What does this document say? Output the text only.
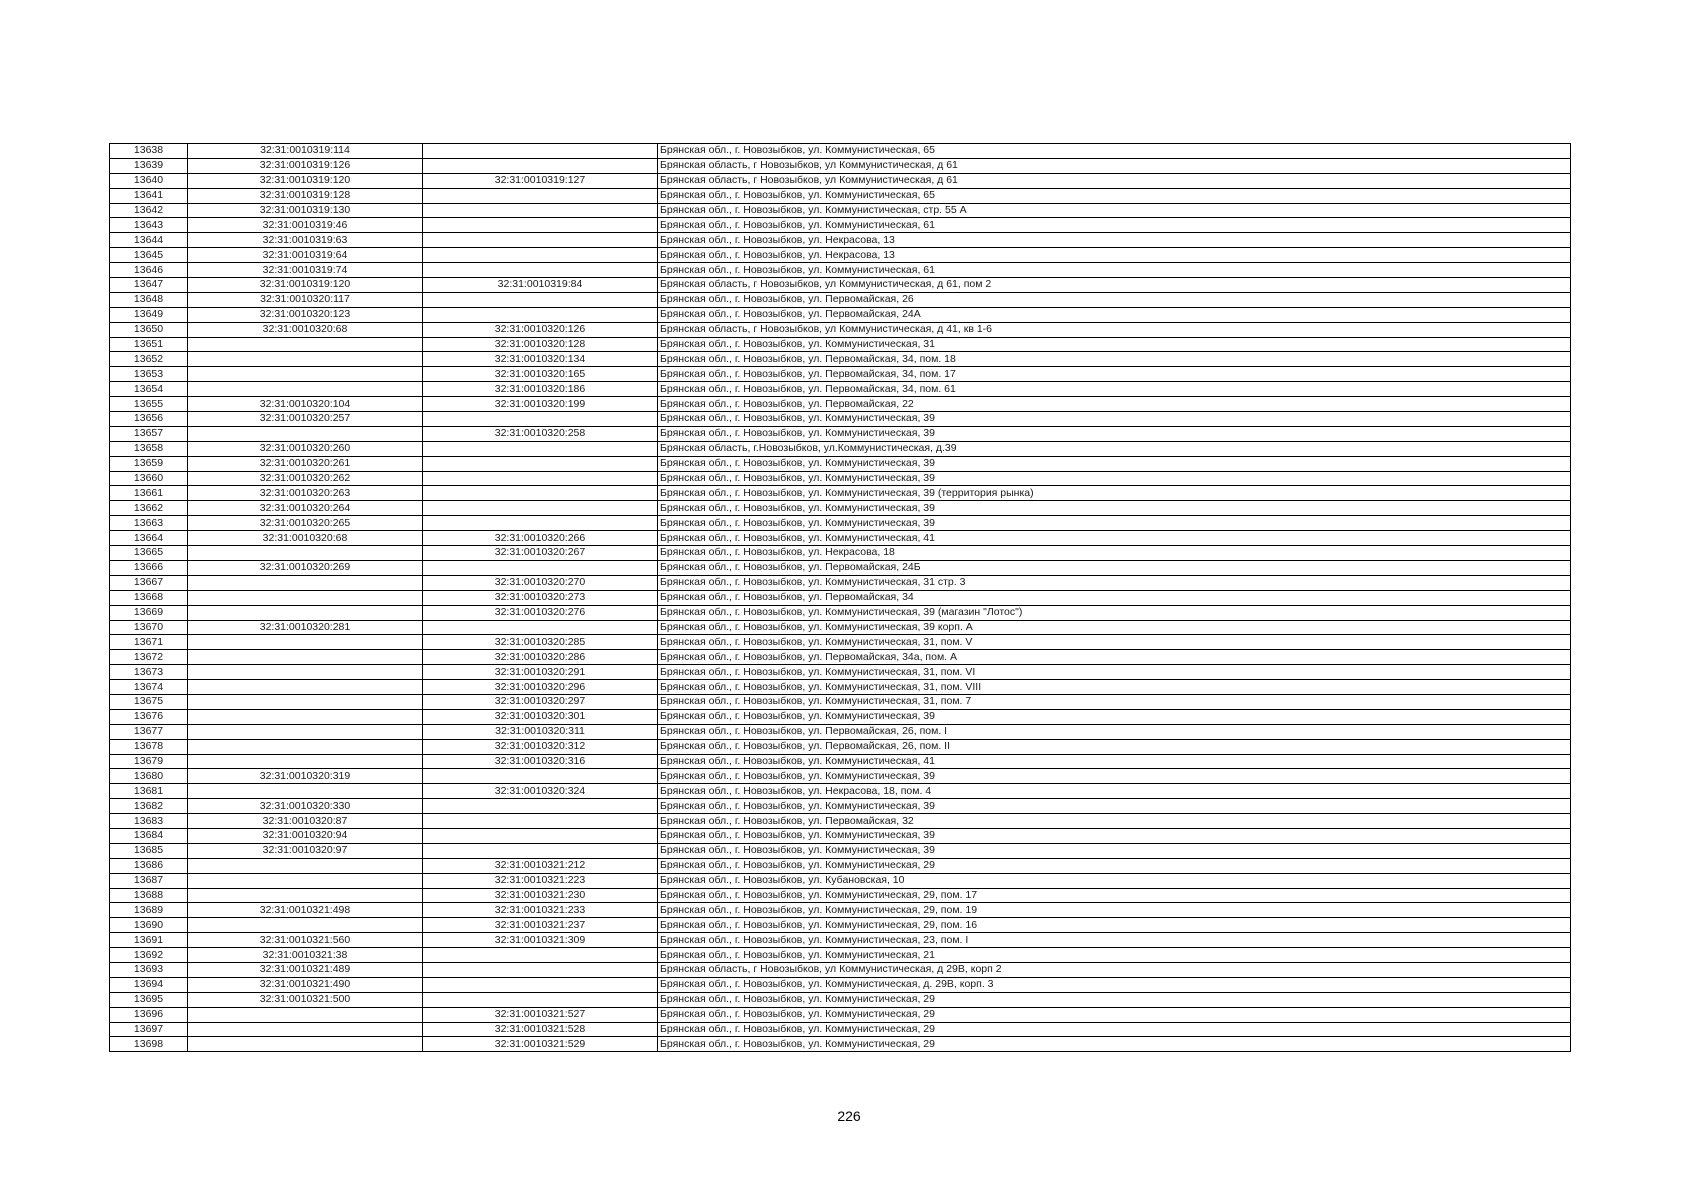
13638	32:31:0010319:114		Брянская обл., г. Новозыбков, ул. Коммунистическая, 65
13639	32:31:0010319:126		Брянская область, г Новозыбков, ул Коммунистическая, д 61
13640	32:31:0010319:120	32:31:0010319:127	Брянская область, г Новозыбков, ул Коммунистическая, д 61
13641	32:31:0010319:128		Брянская обл., г. Новозыбков, ул. Коммунистическая, 65
13642	32:31:0010319:130		Брянская обл., г. Новозыбков, ул. Коммунистическая, стр. 55 А
13643	32:31:0010319:46		Брянская обл., г. Новозыбков, ул. Коммунистическая, 61
13644	32:31:0010319:63		Брянская обл., г. Новозыбков, ул. Некрасова, 13
13645	32:31:0010319:64		Брянская обл., г. Новозыбков, ул. Некрасова, 13
13646	32:31:0010319:74		Брянская обл., г. Новозыбков, ул. Коммунистическая, 61
13647	32:31:0010319:120	32:31:0010319:84	Брянская область, г Новозыбков, ул Коммунистическая, д 61, пом 2
13648	32:31:0010320:117		Брянская обл., г. Новозыбков, ул. Первомайская, 26
13649	32:31:0010320:123		Брянская обл., г. Новозыбков, ул. Первомайская, 24А
13650	32:31:0010320:68	32:31:0010320:126	Брянская область, г Новозыбков, ул Коммунистическая, д 41, кв 1-6
13651		32:31:0010320:128	Брянская обл., г. Новозыбков, ул. Коммунистическая, 31
13652		32:31:0010320:134	Брянская обл., г. Новозыбков, ул. Первомайская, 34, пом. 18
13653		32:31:0010320:165	Брянская обл., г. Новозыбков, ул. Первомайская, 34, пом. 17
13654		32:31:0010320:186	Брянская обл., г. Новозыбков, ул. Первомайская, 34, пом. 61
13655	32:31:0010320:104	32:31:0010320:199	Брянская обл., г. Новозыбков, ул. Первомайская, 22
13656	32:31:0010320:257		Брянская обл., г. Новозыбков, ул. Коммунистическая, 39
13657		32:31:0010320:258	Брянская обл., г. Новозыбков, ул. Коммунистическая, 39
13658	32:31:0010320:260		Брянская область, г.Новозыбков, ул.Коммунистическая, д.39
13659	32:31:0010320:261		Брянская обл., г. Новозыбков, ул. Коммунистическая, 39
13660	32:31:0010320:262		Брянская обл., г. Новозыбков, ул. Коммунистическая, 39
13661	32:31:0010320:263		Брянская обл., г. Новозыбков, ул. Коммунистическая, 39 (территория рынка)
13662	32:31:0010320:264		Брянская обл., г. Новозыбков, ул. Коммунистическая, 39
13663	32:31:0010320:265		Брянская обл., г. Новозыбков, ул. Коммунистическая, 39
13664	32:31:0010320:68	32:31:0010320:266	Брянская обл., г. Новозыбков, ул. Коммунистическая, 41
13665		32:31:0010320:267	Брянская обл., г. Новозыбков, ул. Некрасова, 18
13666	32:31:0010320:269		Брянская обл., г. Новозыбков, ул. Первомайская, 24Б
13667		32:31:0010320:270	Брянская обл., г. Новозыбков, ул. Коммунистическая, 31 стр. 3
13668		32:31:0010320:273	Брянская обл., г. Новозыбков, ул. Первомайская, 34
13669		32:31:0010320:276	Брянская обл., г. Новозыбков, ул. Коммунистическая, 39 (магазин "Лотос")
13670	32:31:0010320:281		Брянская обл., г. Новозыбков, ул. Коммунистическая, 39 корп. А
13671		32:31:0010320:285	Брянская обл., г. Новозыбков, ул. Коммунистическая, 31, пом. V
13672		32:31:0010320:286	Брянская обл., г. Новозыбков, ул. Первомайская, 34а, пом. А
13673		32:31:0010320:291	Брянская обл., г. Новозыбков, ул. Коммунистическая, 31, пом. VI
13674		32:31:0010320:296	Брянская обл., г. Новозыбков, ул. Коммунистическая, 31, пом. VIII
13675		32:31:0010320:297	Брянская обл., г. Новозыбков, ул. Коммунистическая, 31, пом. 7
13676		32:31:0010320:301	Брянская обл., г. Новозыбков, ул. Коммунистическая, 39
13677		32:31:0010320:311	Брянская обл., г. Новозыбков, ул. Первомайская, 26, пом. I
13678		32:31:0010320:312	Брянская обл., г. Новозыбков, ул. Первомайская, 26, пом. II
13679		32:31:0010320:316	Брянская обл., г. Новозыбков, ул. Коммунистическая, 41
13680	32:31:0010320:319		Брянская обл., г. Новозыбков, ул. Коммунистическая, 39
13681		32:31:0010320:324	Брянская обл., г. Новозыбков, ул. Некрасова, 18, пом. 4
13682	32:31:0010320:330		Брянская обл., г. Новозыбков, ул. Коммунистическая, 39
13683	32:31:0010320:87		Брянская обл., г. Новозыбков, ул. Первомайская, 32
13684	32:31:0010320:94		Брянская обл., г. Новозыбков, ул. Коммунистическая, 39
13685	32:31:0010320:97		Брянская обл., г. Новозыбков, ул. Коммунистическая, 39
13686		32:31:0010321:212	Брянская обл., г. Новозыбков, ул. Коммунистическая, 29
13687		32:31:0010321:223	Брянская обл., г. Новозыбков, ул. Кубановская, 10
13688		32:31:0010321:230	Брянская обл., г. Новозыбков, ул. Коммунистическая, 29, пом. 17
13689	32:31:0010321:498	32:31:0010321:233	Брянская обл., г. Новозыбков, ул. Коммунистическая, 29, пом. 19
13690		32:31:0010321:237	Брянская обл., г. Новозыбков, ул. Коммунистическая, 29, пом. 16
13691	32:31:0010321:560	32:31:0010321:309	Брянская обл., г. Новозыбков, ул. Коммунистическая, 23, пом. I
13692	32:31:0010321:38		Брянская обл., г. Новозыбков, ул. Коммунистическая, 21
13693	32:31:0010321:489		Брянская область, г Новозыбков, ул Коммунистическая, д 29В, корп 2
13694	32:31:0010321:490		Брянская обл., г. Новозыбков, ул. Коммунистическая, д. 29В, корп. 3
13695	32:31:0010321:500		Брянская обл., г. Новозыбков, ул. Коммунистическая, 29
13696		32:31:0010321:527	Брянская обл., г. Новозыбков, ул. Коммунистическая, 29
13697		32:31:0010321:528	Брянская обл., г. Новозыбков, ул. Коммунистическая, 29
13698		32:31:0010321:529	Брянская обл., г. Новозыбков, ул. Коммунистическая, 29
226
